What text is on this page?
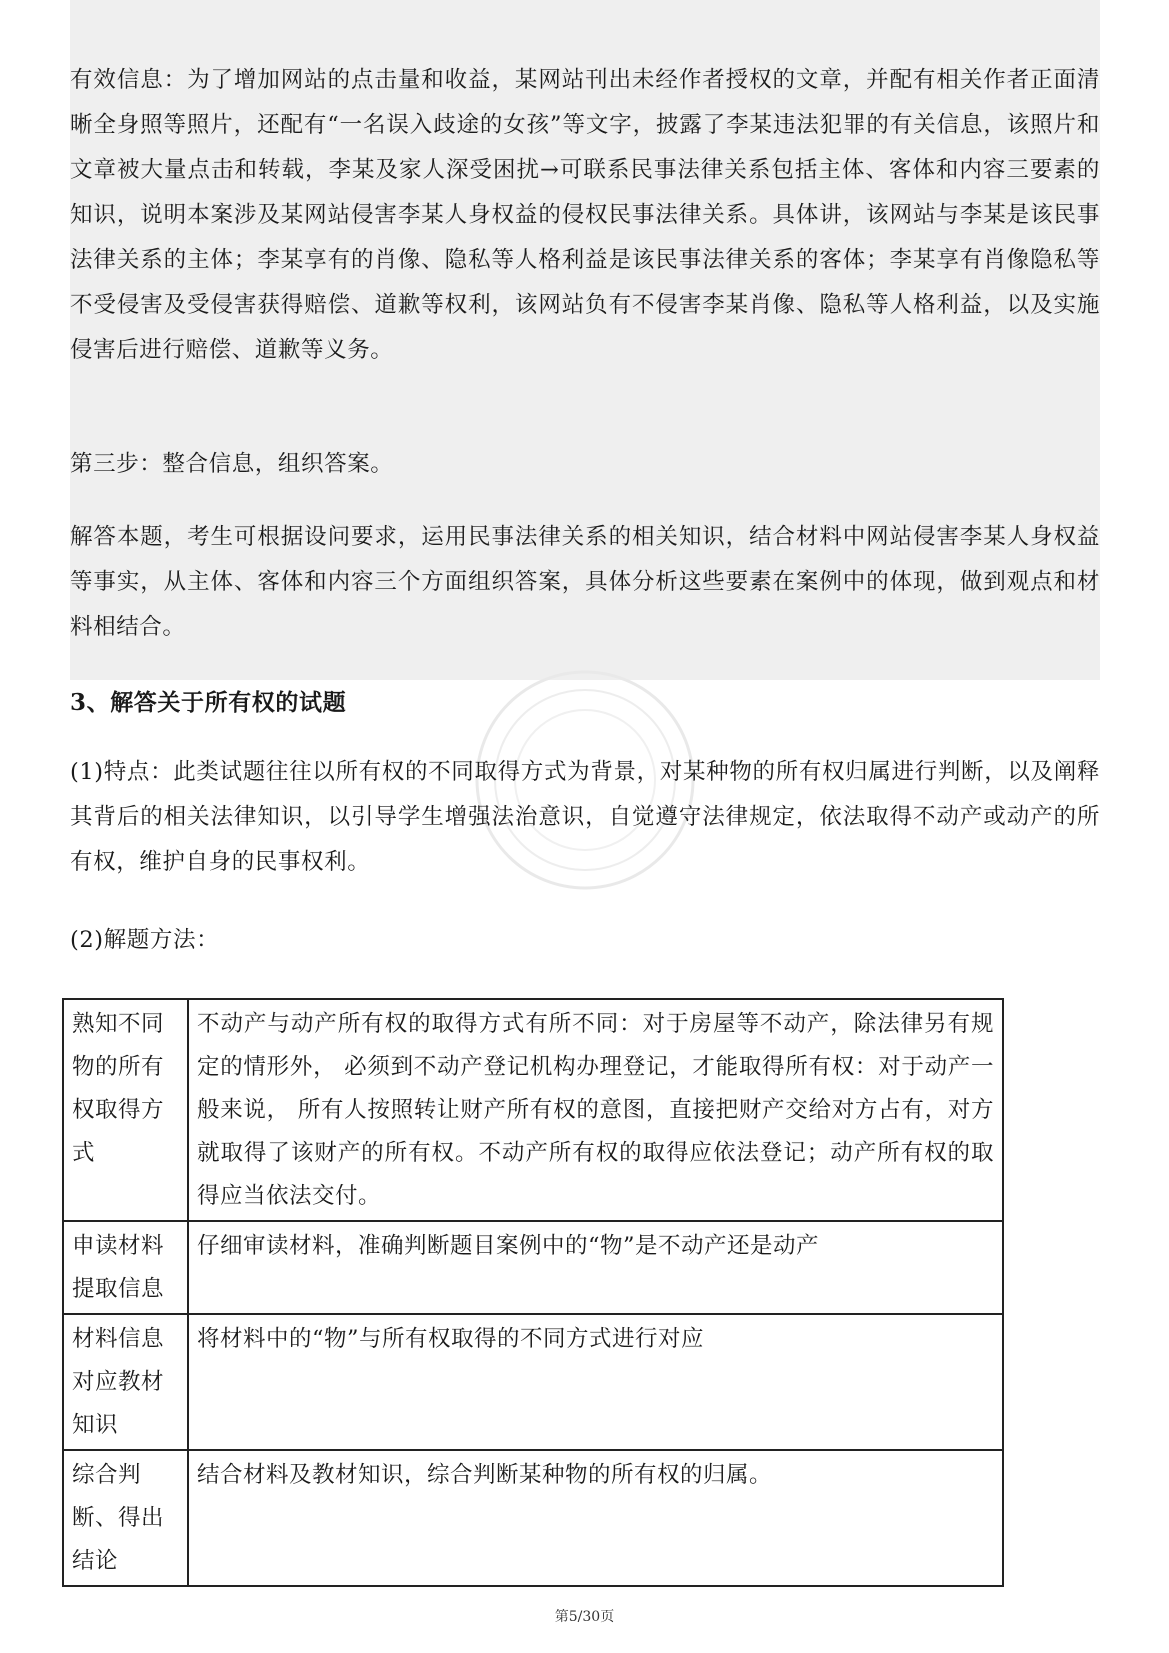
有效信息：为了增加网站的点击量和收益，某网站刊出未经作者授权的文章，并配有相关作者正面清晰全身照等照片，还配有“一名误入歧途的女孩”等文字，披露了李某违法犯罪的有关信息，该照片和文章被大量点击和转载，李某及家人深受困扰→可联系民事法律关系包括主体、客体和内容三要素的知识，说明本案涉及某网站侵害李某人身权益的侵权民事法律关系。具体讲，该网站与李某是该民事法律关系的主体；李某享有的肖像、隐私等人格利益是该民事法律关系的客体；李某享有肖像隐私等不受侵害及受侵害获得赔偿、道歉等权利，该网站负有不侵害李某肖像、隐私等人格利益，以及实施侵害后进行赔偿、道歉等义务。

第三步：整合信息，组织答案。

解答本题，考生可根据设问要求，运用民事法律关系的相关知识，结合材料中网站侵害李某人身权益等事实，从主体、客体和内容三个方面组织答案，具体分析这些要素在案例中的体现，做到观点和材料相结合。

3、解答关于所有权的试题

(1)特点：此类试题往往以所有权的不同取得方式为背景，对某种物的所有权归属进行判断，以及阐释其背后的相关法律知识，以引导学生增强法治意识，自觉遵守法律规定，依法取得不动产或动产的所有权，维护自身的民事权利。

(2)解题方法：

熟知不同物的所有权取得方式	不动产与动产所有权的取得方式有所不同：对于房屋等不动产，除法律另有规定的情形外， 必须到不动产登记机构办理登记，才能取得所有权：对于动产一般来说， 所有人按照转让财产所有权的意图，直接把财产交给对方占有，对方就取得了该财产的所有权。不动产所有权的取得应依法登记；动产所有权的取得应当依法交付。
申读材料提取信息	仔细审读材料，准确判断题目案例中的“物”是不动产还是动产
材料信息对应教材知识	将材料中的“物”与所有权取得的不同方式进行对应
综合判断、得出结论	结合材料及教材知识，综合判断某种物的所有权的归属。

第5/30页
